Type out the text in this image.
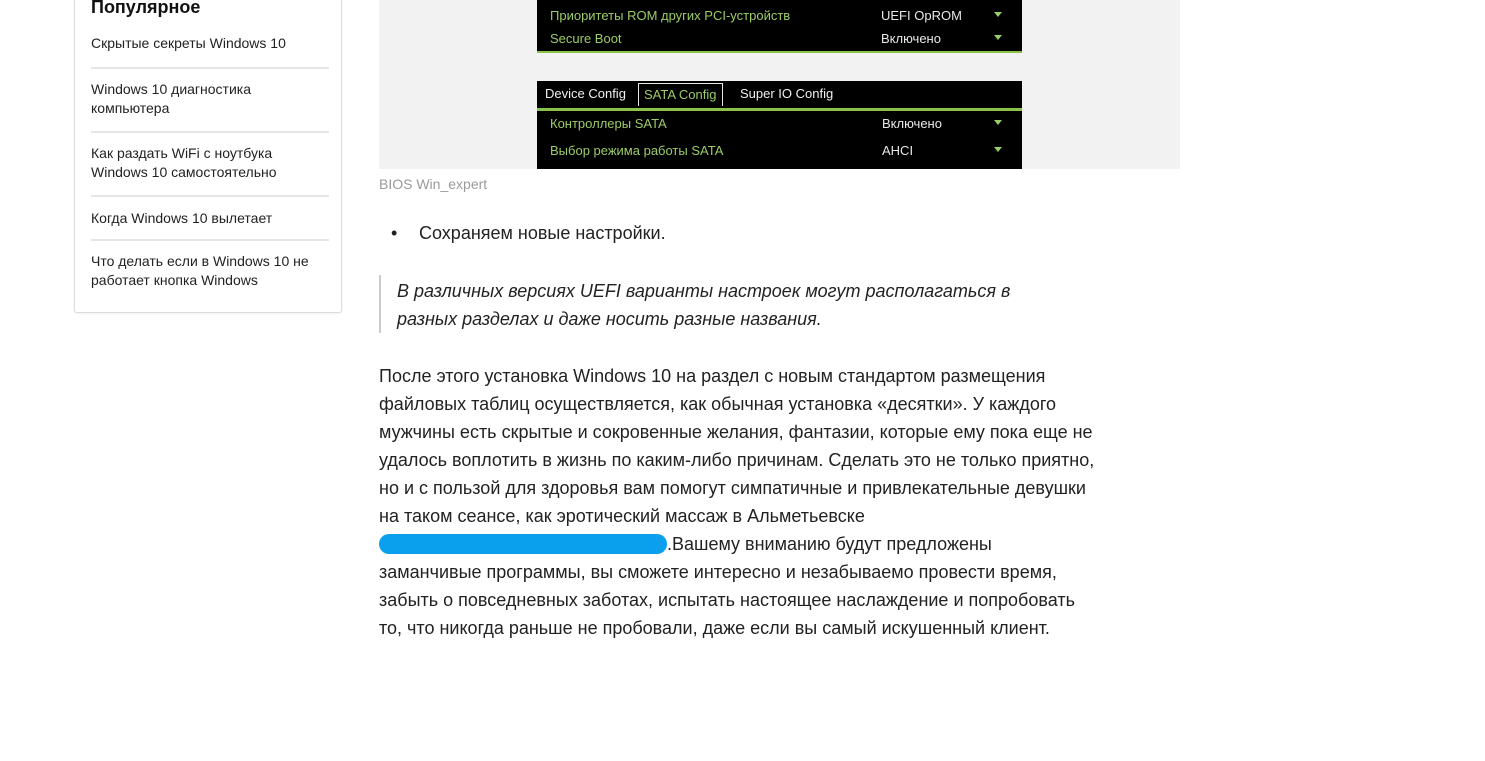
Популярное
Скрытые секреты Windows 10
Windows 10 диагностика компьютера
Как раздать WiFi с ноутбука Windows 10 самостоятельно
Когда Windows 10 вылетает
Что делать если в Windows 10 не работает кнопка Windows
Приоритеты ROM других PCI-устройств	UEFI OpROM
Secure Boot	Включено
Device Config	SATA Config	Super IO Config
Контроллеры SATA	Включено
Выбор режима работы SATA	AHCI

BIOS Win_expert

• Сохраняем новые настройки.

В различных версиях UEFI варианты настроек могут располагаться в разных разделах и даже носить разные названия.

После этого установка Windows 10 на раздел с новым стандартом размещения файловых таблиц осуществляется, как обычная установка «десятки». У каждого мужчины есть скрытые и сокровенные желания, фантазии, которые ему пока еще не удалось воплотить в жизнь по каким-либо причинам. Сделать это не только приятно, но и с пользой для здоровья вам помогут симпатичные и привлекательные девушки на таком сеансе, как эротический массаж в Альметьевске.Вашему вниманию будут предложены заманчивые программы, вы сможете интересно и незабываемо провести время, забыть о повседневных заботах, испытать настоящее наслаждение и попробовать то, что никогда раньше не пробовали, даже если вы самый искушенный клиент.
